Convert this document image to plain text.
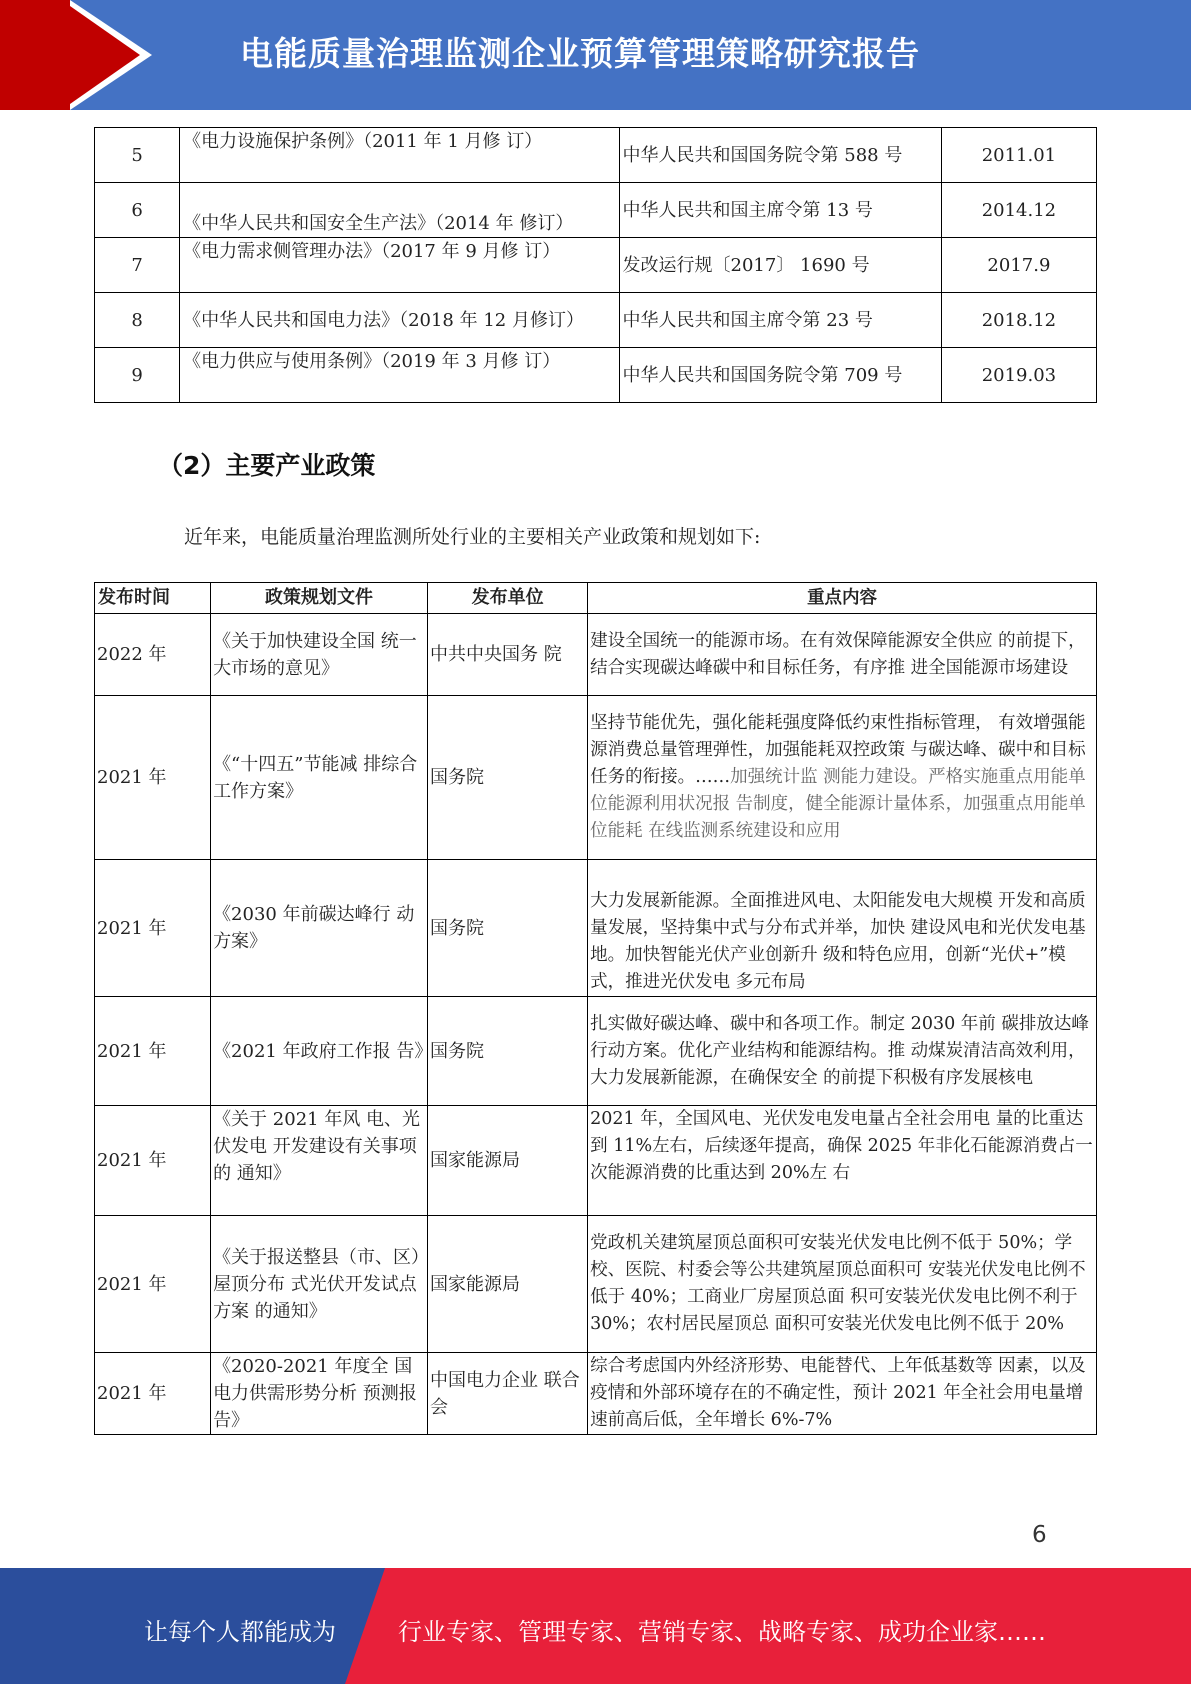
电能质量治理监测企业预算管理策略研究报告
5	《电力设施保护条例》（2011 年 1 月修 订）	中华人民共和国国务院令第 588 号	2011.01
6	《中华人民共和国安全生产法》（2014 年 修订）	中华人民共和国主席令第 13 号	2014.12
7	《电力需求侧管理办法》（2017 年 9 月修 订）	发改运行规〔2017〕 1690 号	2017.9
8	《中华人民共和国电力法》（2018 年 12 月修订）	中华人民共和国主席令第 23 号	2018.12
9	《电力供应与使用条例》（2019 年 3 月修 订）	中华人民共和国国务院令第 709 号	2019.03
（2）主要产业政策
近年来，电能质量治理监测所处行业的主要相关产业政策和规划如下:
发布时间	政策规划文件	发布单位	重点内容
2022 年	《关于加快建设全国 统一大市场的意见》	中共中央国务 院	建设全国统一的能源市场。在有效保障能源安全供应 的前提下，结合实现碳达峰碳中和目标任务，有序推 进全国能源市场建设
2021 年	《“十四五”节能减 排综合工作方案》	国务院	坚持节能优先，强化能耗强度降低约束性指标管理， 有效增强能源消费总量管理弹性，加强能耗双控政策 与碳达峰、碳中和目标任务的衔接。……加强统计监 测能力建设。严格实施重点用能单位能源利用状况报 告制度，健全能源计量体系，加强重点用能单位能耗 在线监测系统建设和应用
2021 年	《2030 年前碳达峰行 动方案》	国务院	大力发展新能源。全面推进风电、太阳能发电大规模 开发和高质量发展，坚持集中式与分布式并举，加快 建设风电和光伏发电基地。加快智能光伏产业创新升 级和特色应用，创新“光伏+”模式，推进光伏发电 多元布局
2021 年	《2021 年政府工作报 告》	国务院	扎实做好碳达峰、碳中和各项工作。制定 2030 年前 碳排放达峰行动方案。优化产业结构和能源结构。推 动煤炭清洁高效利用，大力发展新能源，在确保安全 的前提下积极有序发展核电
2021 年	《关于 2021 年风 电、光伏发电 开发建设有关事项的 通知》	国家能源局	2021 年，全国风电、光伏发电发电量占全社会用电 量的比重达到 11%左右，后续逐年提高，确保 2025 年非化石能源消费占一次能源消费的比重达到 20%左 右
2021 年	《关于报送整县（市、区）屋顶分布 式光伏开发试点方案 的通知》	国家能源局	党政机关建筑屋顶总面积可安装光伏发电比例不低于 50%；学校、医院、村委会等公共建筑屋顶总面积可 安装光伏发电比例不低于 40%；工商业厂房屋顶总面 积可安装光伏发电比例不利于 30%；农村居民屋顶总 面积可安装光伏发电比例不低于 20%
2021 年	《2020-2021 年度全 国电力供需形势分析 预测报告》	中国电力企业 联合会	综合考虑国内外经济形势、电能替代、上年低基数等 因素，以及疫情和外部环境存在的不确定性，预计 2021 年全社会用电量增速前高后低，全年增长 6%-7%
6
让每个人都能成为	行业专家、管理专家、营销专家、战略专家、成功企业家……
